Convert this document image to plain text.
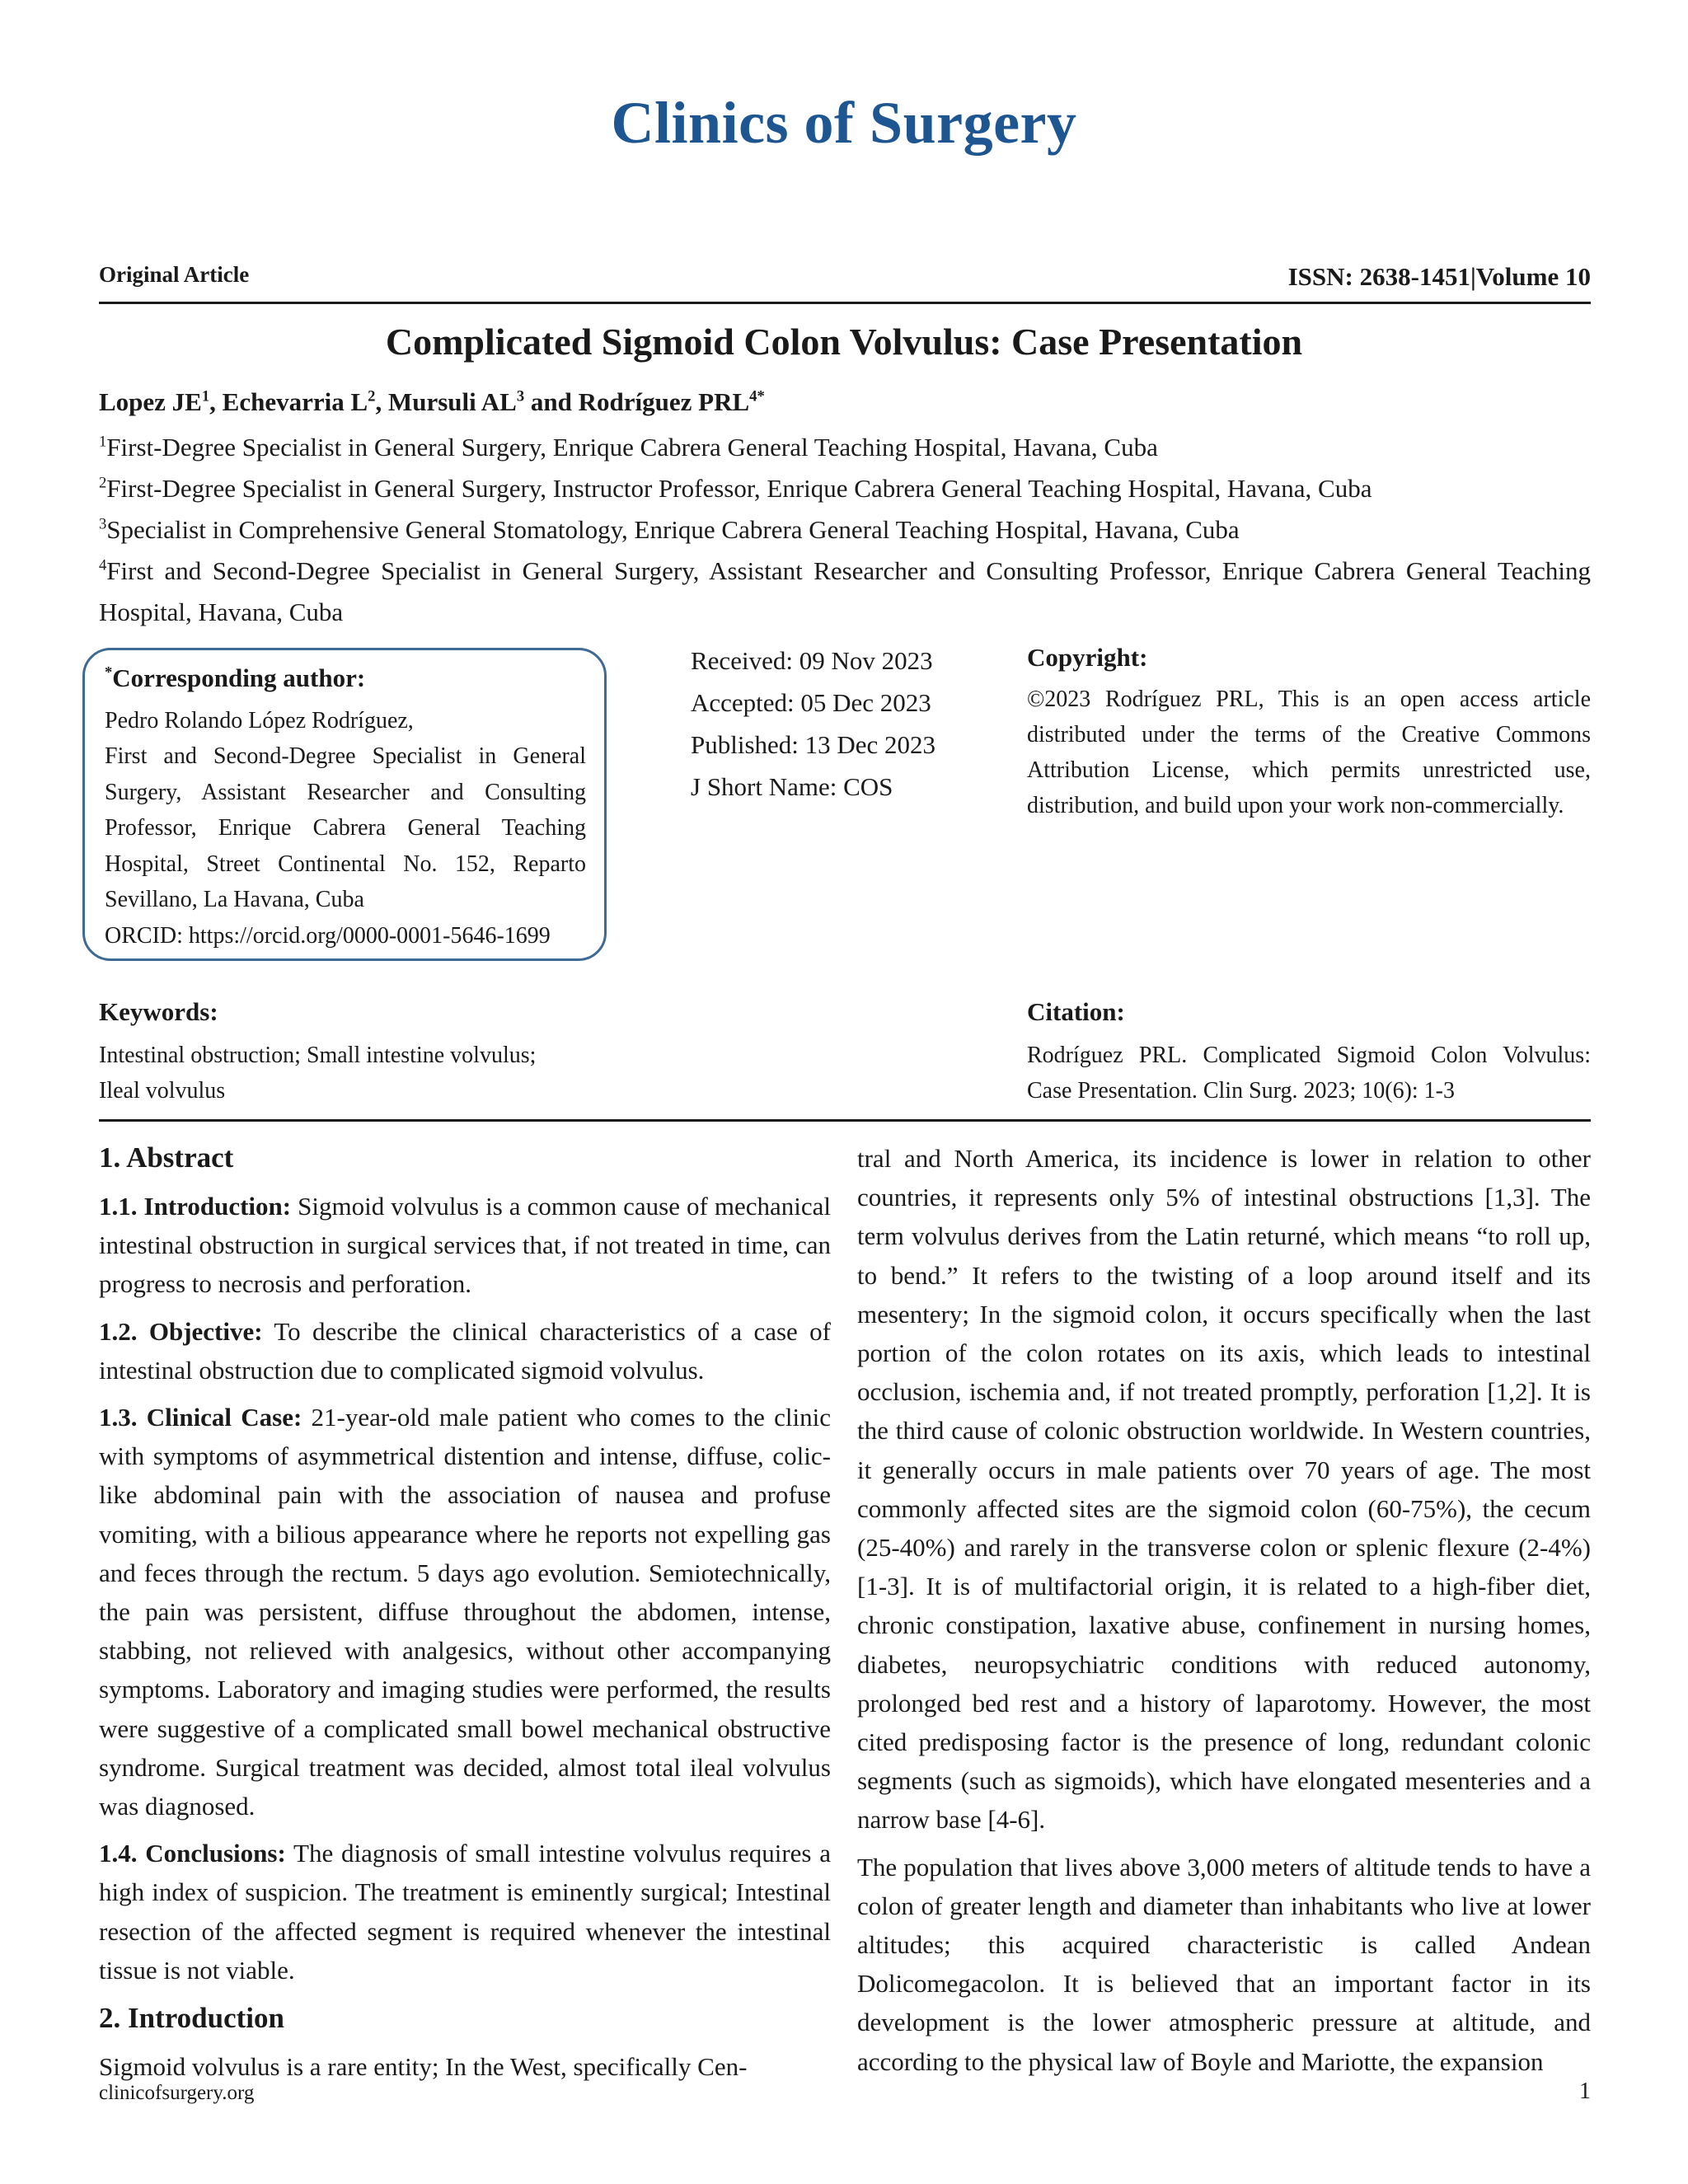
Clinics of Surgery
Original Article	ISSN: 2638-1451|Volume 10
Complicated Sigmoid Colon Volvulus: Case Presentation
Lopez $JE^1$, Echevarria $L^2$, Mursuli $AL^3$ and Rodríguez $PRL^{4*}$

$^1$First-Degree Specialist in General Surgery, Enrique Cabrera General Teaching Hospital, Havana, Cuba

$^2$First-Degree Specialist in General Surgery, Instructor Professor, Enrique Cabrera General Teaching Hospital, Havana, Cuba

$^3$Specialist in Comprehensive General Stomatology, Enrique Cabrera General Teaching Hospital, Havana, Cuba

$^4$First and Second-Degree Specialist in General Surgery, Assistant Researcher and Consulting Professor, Enrique Cabrera General Teaching Hospital, Havana, Cuba

*Corresponding author:
Pedro Rolando López Rodríguez,
First and Second-Degree Specialist in General Surgery, Assistant Researcher and Consulting Professor, Enrique Cabrera General Teaching Hospital, Street Continental No. 152, Reparto Sevillano, La Havana, Cuba
ORCID: https://orcid.org/0000-0001-5646-1699
Received: 09 Nov 2023
Accepted: 05 Dec 2023
Published: 13 Dec 2023
J Short Name: COS
Copyright:
©2023 Rodríguez PRL, This is an open access article distributed under the terms of the Creative Commons Attribution License, which permits unrestricted use, distribution, and build upon your work non-commercially.
Keywords:
Intestinal obstruction; Small intestine volvulus;
Ileal volvulus
Citation:
Rodríguez PRL. Complicated Sigmoid Colon Volvulus: Case Presentation. Clin Surg. 2023; 10(6): 1-3
1. Abstract

1.1. Introduction: Sigmoid volvulus is a common cause of mechanical intestinal obstruction in surgical services that, if not treated in time, can progress to necrosis and perforation.

1.2. Objective: To describe the clinical characteristics of a case of intestinal obstruction due to complicated sigmoid volvulus.

1.3. Clinical Case: 21-year-old male patient who comes to the clinic with symptoms of asymmetrical distention and intense, diffuse, colic-like abdominal pain with the association of nausea and profuse vomiting, with a bilious appearance where he reports not expelling gas and feces through the rectum. 5 days ago evolution. Semiotechnically, the pain was persistent, diffuse throughout the abdomen, intense, stabbing, not relieved with analgesics, without other accompanying symptoms. Laboratory and imaging studies were performed, the results were suggestive of a complicated small bowel mechanical obstructive syndrome. Surgical treatment was decided, almost total ileal volvulus was diagnosed.

1.4. Conclusions: The diagnosis of small intestine volvulus requires a high index of suspicion. The treatment is eminently surgical; Intestinal resection of the affected segment is required whenever the intestinal tissue is not viable.

2. Introduction

Sigmoid volvulus is a rare entity; In the West, specifically Cen-

tral and North America, its incidence is lower in relation to other countries, it represents only 5% of intestinal obstructions [1,3]. The term volvulus derives from the Latin returné, which means “to roll up, to bend.” It refers to the twisting of a loop around itself and its mesentery; In the sigmoid colon, it occurs specifically when the last portion of the colon rotates on its axis, which leads to intestinal occlusion, ischemia and, if not treated promptly, perforation [1,2]. It is the third cause of colonic obstruction worldwide. In Western countries, it generally occurs in male patients over 70 years of age. The most commonly affected sites are the sigmoid colon (60-75%), the cecum (25-40%) and rarely in the transverse colon or splenic flexure (2-4%) [1-3]. It is of multifactorial origin, it is related to a high-fiber diet, chronic constipation, laxative abuse, confinement in nursing homes, diabetes, neuropsychiatric conditions with reduced autonomy, prolonged bed rest and a history of laparotomy. However, the most cited predisposing factor is the presence of long, redundant colonic segments (such as sigmoids), which have elongated mesenteries and a narrow base [4-6].

The population that lives above 3,000 meters of altitude tends to have a colon of greater length and diameter than inhabitants who live at lower altitudes; this acquired characteristic is called Andean Dolicomegacolon. It is believed that an important factor in its development is the lower atmospheric pressure at altitude, and according to the physical law of Boyle and Mariotte, the expansion

clinicofsurgery.org	1
